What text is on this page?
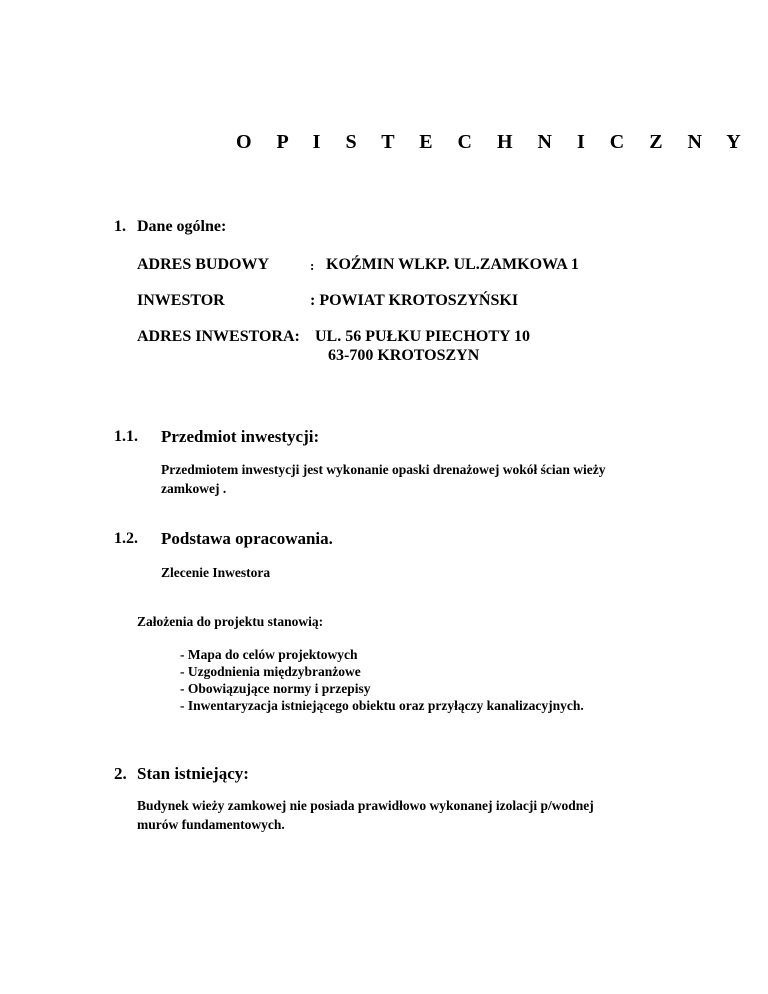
O P I S T E C H N I C Z N Y
1. Dane ogólne:
ADRES BUDOWY	: KOŹMIN WLKP. UL.ZAMKOWA 1
INWESTOR	: POWIAT KROTOSZYŃSKI
ADRES INWESTORA: UL. 56 PUŁKU PIECHOTY 10
63-700 KROTOSZYN
1.1. Przedmiot inwestycji:
Przedmiotem inwestycji jest wykonanie opaski drenażowej wokół ścian wieży
zamkowej .
1.2. Podstawa opracowania.
Zlecenie Inwestora
Założenia do projektu stanowią:
- Mapa do celów projektowych
- Uzgodnienia międzybranżowe
- Obowiązujące normy i przepisy
- Inwentaryzacja istniejącego obiektu oraz przyłączy kanalizacyjnych.
2. Stan istniejący:
Budynek wieży zamkowej nie posiada prawidłowo wykonanej izolacji p/wodnej
murów fundamentowych.
